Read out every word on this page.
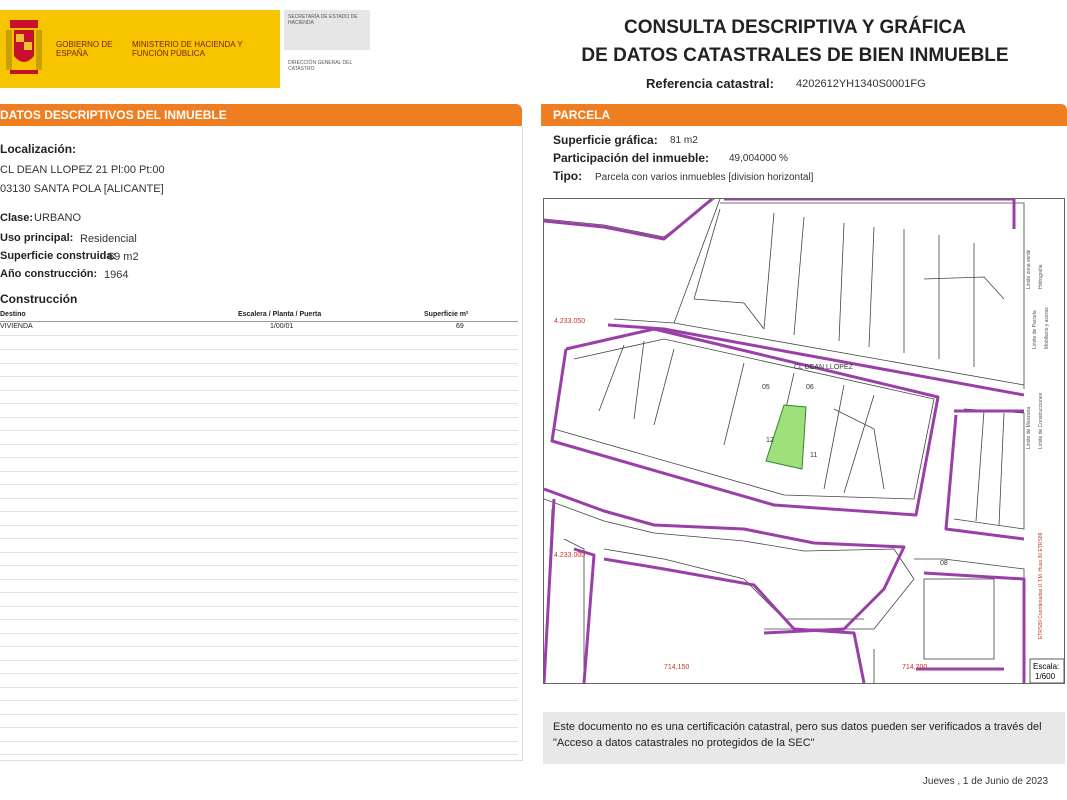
GOBIERNO DE ESPAÑA
MINISTERIO DE HACIENDA Y FUNCIÓN PÚBLICA
SECRETARÍA DE ESTADO DE HACIENDA
DIRECCIÓN GENERAL DEL CATASTRO
CONSULTA DESCRIPTIVA Y GRÁFICA
DE DATOS CATASTRALES DE BIEN INMUEBLE
Referencia catastral: 4202612YH1340S0001FG
DATOS DESCRIPTIVOS DEL INMUEBLE
Localización:
CL DEAN LLOPEZ 21 Pl:00 Pt:00
03130 SANTA POLA [ALICANTE]
Clase: URBANO
Uso principal: Residencial
Superficie construida:
69 m2
Año construcción: 1964
Construcción
Destino	Escalera / Planta / Puerta	Superficie m²
VIVIENDA	1/00/01	69
PARCELA
Superficie gráfica: 81 m2
Participación del inmueble: 49,004000 %
Tipo: Parcela con varios inmuebles [division horizontal]
CL DEAN LLOPEZ
4.233.050
4.233.000
714,150	714,200
05	06
12
11
08
Limite de Manzana
Limite de Parcela
Limite de Construcciones
Mobiliario y aceras
Limite zona verde Hidrografia
ETRS89 Coordenadas U.T.M. Huso 30 ETRS89
Escala:
1/600
Este documento no es una certificación catastral, pero sus datos pueden ser verificados a través del "Acceso a datos catastrales no protegidos de la SEC"
Jueves , 1 de Junio de 2023
